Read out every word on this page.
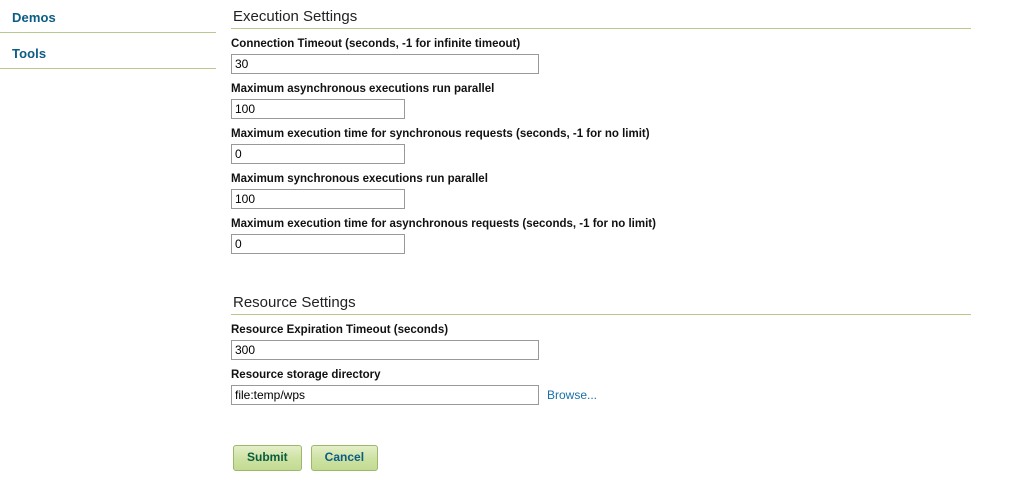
Demos
Tools
Execution Settings
Connection Timeout (seconds, -1 for infinite timeout)
30
Maximum asynchronous executions run parallel
100
Maximum execution time for synchronous requests (seconds, -1 for no limit)
0
Maximum synchronous executions run parallel
100
Maximum execution time for asynchronous requests (seconds, -1 for no limit)
0
Resource Settings
Resource Expiration Timeout (seconds)
300
Resource storage directory
file:temp/wps
Browse...
Submit	Cancel
